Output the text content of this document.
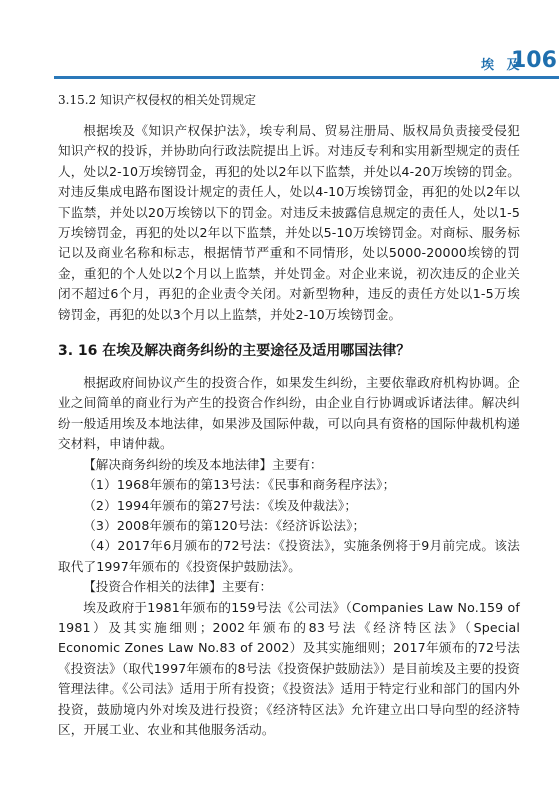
埃 及
106
3.15.2 知识产权侵权的相关处罚规定

根据埃及《知识产权保护法》，埃专利局、贸易注册局、版权局负责接受侵犯知识产权的投诉，并协助向行政法院提出上诉。对违反专利和实用新型规定的责任人，处以2-10万埃镑罚金，再犯的处以2年以下监禁，并处以4-20万埃镑的罚金。对违反集成电路布图设计规定的责任人，处以4-10万埃镑罚金，再犯的处以2年以下监禁，并处以20万埃镑以下的罚金。对违反未披露信息规定的责任人，处以1-5万埃镑罚金，再犯的处以2年以下监禁，并处以5-10万埃镑罚金。对商标、服务标记以及商业名称和标志，根据情节严重和不同情形，处以5000-20000埃镑的罚金，重犯的个人处以2个月以上监禁，并处罚金。对企业来说，初次违反的企业关闭不超过6个月，再犯的企业责令关闭。对新型物种，违反的责任方处以1-5万埃镑罚金，再犯的处以3个月以上监禁，并处2-10万埃镑罚金。

3. 16 在埃及解决商务纠纷的主要途径及适用哪国法律？

根据政府间协议产生的投资合作，如果发生纠纷，主要依靠政府机构协调。企业之间简单的商业行为产生的投资合作纠纷，由企业自行协调或诉诸法律。解决纠纷一般适用埃及本地法律，如果涉及国际仲裁，可以向具有资格的国际仲裁机构递交材料，申请仲裁。

【解决商务纠纷的埃及本地法律】主要有：

（1）1968年颁布的第13号法：《民事和商务程序法》；

（2）1994年颁布的第27号法：《埃及仲裁法》；

（3）2008年颁布的第120号法：《经济诉讼法》；

（4）2017年6月颁布的72号法：《投资法》，实施条例将于9月前完成。该法取代了1997年颁布的《投资保护鼓励法》。

【投资合作相关的法律】主要有：

埃及政府于1981年颁布的159号法《公司法》（Companies Law No.159 of 1981）及其实施细则；2002年颁布的83号法《经济特区法》（Special Economic Zones Law No.83 of 2002）及其实施细则；2017年颁布的72号法《投资法》（取代1997年颁布的8号法《投资保护鼓励法》）是目前埃及主要的投资管理法律。《公司法》适用于所有投资；《投资法》适用于特定行业和部门的国内外投资，鼓励境内外对埃及进行投资；《经济特区法》允许建立出口导向型的经济特区，开展工业、农业和其他服务活动。
